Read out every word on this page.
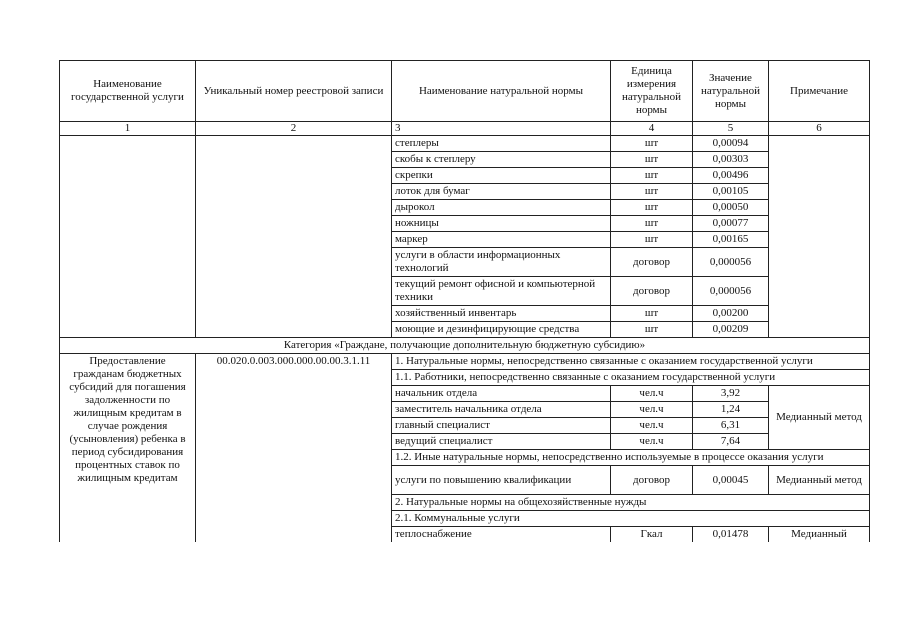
Наименование государственной услуги	Уникальный номер реестровой записи	Наименование натуральной нормы	Единица измерения натуральной нормы	Значение натуральной нормы	Примечание
1	2	3	4	5	6
		степлеры	шт	0,00094	
		скобы к степлеру	шт	0,00303	
		скрепки	шт	0,00496	
		лоток для бумаг	шт	0,00105	
		дырокол	шт	0,00050	
		ножницы	шт	0,00077	
		маркер	шт	0,00165	
		услуги в области информационных технологий	договор	0,000056	
		текущий ремонт офисной и компьютерной техники	договор	0,000056	
		хозяйственный инвентарь	шт	0,00200	
		моющие и дезинфицирующие средства	шт	0,00209	
Категория «Граждане, получающие дополнительную бюджетную субсидию»					
Предоставление гражданам бюджетных субсидий для погашения задолженности по жилищным кредитам в случае рождения (усыновления) ребенка в период субсидирования процентных ставок по жилищным кредитам	00.020.0.003.000.000.00.00.3.1.11	1. Натуральные нормы, непосредственно связанные с оказанием государственной услуги			
		1.1. Работники, непосредственно связанные с оказанием государственной услуги			
		начальник отдела	чел.ч	3,92	Медианный метод
		заместитель начальника отдела	чел.ч	1,24	
		главный специалист	чел.ч	6,31	
		ведущий специалист	чел.ч	7,64	
		1.2. Иные натуральные нормы, непосредственно используемые в процессе оказания услуги			
		услуги по повышению квалификации	договор	0,00045	Медианный метод
		2. Натуральные нормы на общехозяйственные нужды			
		2.1. Коммунальные услуги			
		теплоснабжение	Гкал	0,01478	Медианный
